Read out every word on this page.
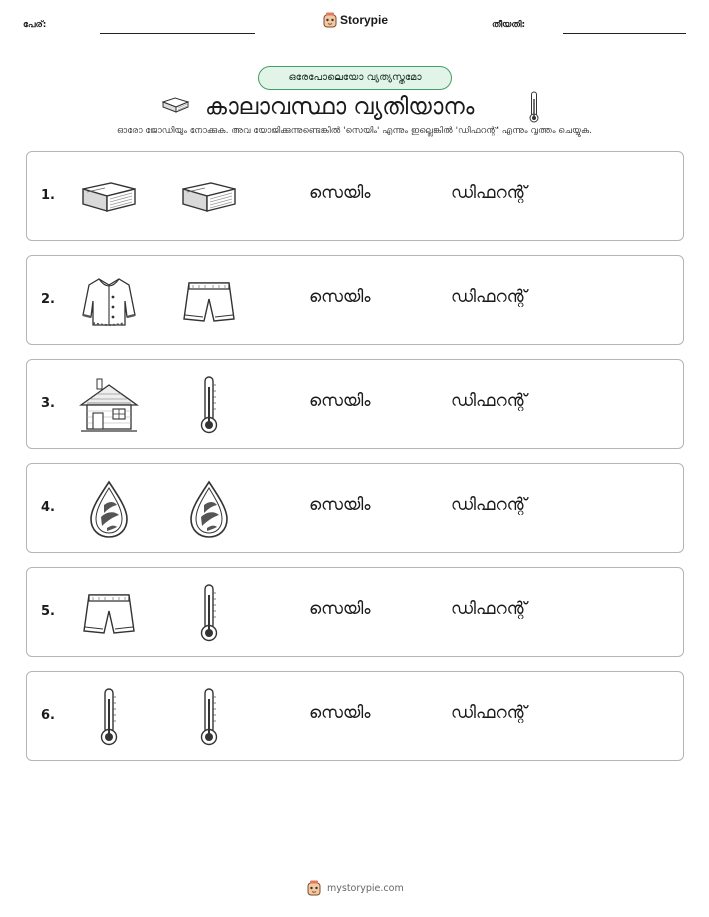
പേര്:	Storypie	തീയതി:
ഒരേപോലെയോ വ്യത്യസ്തമോ
കാലാവസ്ഥാ വ്യതിയാനം
ഓരോ ജോഡിയും നോക്കുക. അവ യോജിക്കുന്നുണ്ടെങ്കിൽ 'സെയിം' എന്നും ഇല്ലെങ്കിൽ 'ഡിഫറന്റ്' എന്നും വൃത്തം ചെയ്യുക.
1.	സെയിം	ഡിഫറന്റ്
2.	സെയിം	ഡിഫറന്റ്
3.	സെയിം	ഡിഫറന്റ്
4.	സെയിം	ഡിഫറന്റ്
5.	സെയിം	ഡിഫറന്റ്
6.	സെയിം	ഡിഫറന്റ്
mystorypie.com
